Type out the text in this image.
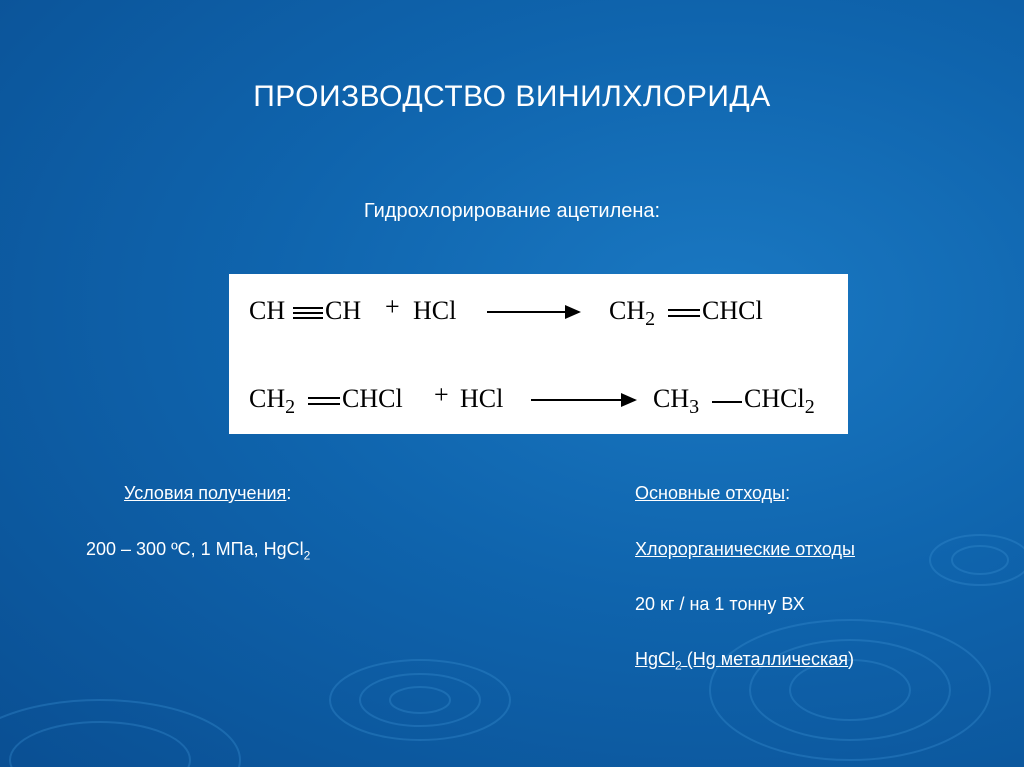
ПРОИЗВОДСТВО ВИНИЛХЛОРИДА
Гидрохлорирование ацетилена:
CH CH + HCl	$CH_2$ CHCl
$CH_2$ CHCl + HCl	$CH_3$ CHCl$_2$
Условия получения:
200 – 300 ºС, 1 МПа, HgCl$_2$
Основные отходы:
Хлорорганические отходы
20 кг / на 1 тонну ВХ
HgCl$_2$ (Hg металлическая)
